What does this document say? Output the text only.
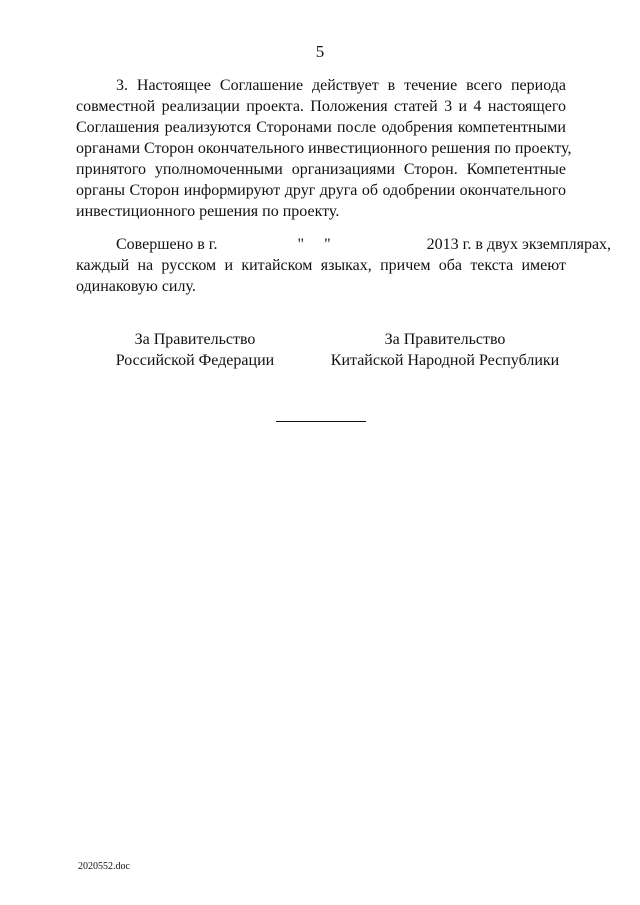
5
3. Настоящее Соглашение действует в течение всего периода
совместной реализации проекта. Положения статей 3 и 4 настоящего
Соглашения реализуются Сторонами после одобрения компетентными
органами Сторон окончательного инвестиционного решения по проекту,
принятого уполномоченными организациями Сторон. Компетентные
органы Сторон информируют друг друга об одобрении окончательного
инвестиционного решения по проекту.
Совершено в г.                    "     "                        2013 г. в двух экземплярах,
каждый на русском и китайском языках, причем оба текста имеют
одинаковую силу.
За Правительство
Российской Федерации
За Правительство
Китайской Народной Республики
2020552.doc
